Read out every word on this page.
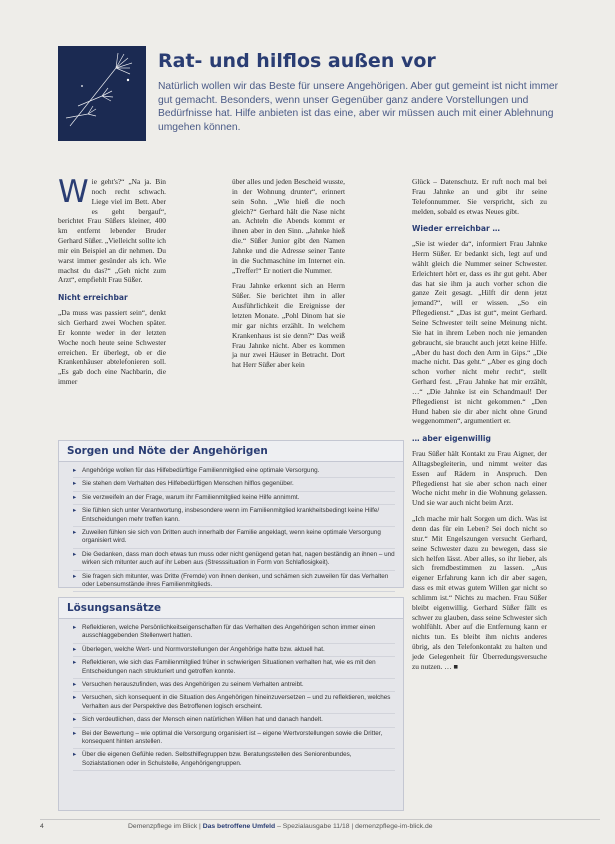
Rat- und hilflos außen vor

Natürlich wollen wir das Beste für unsere Angehörigen. Aber gut gemeint ist nicht immer gut gemacht. Besonders, wenn unser Gegenüber ganz andere Vorstellungen und Bedürfnisse hat. Hilfe anbieten ist das eine, aber wir müssen auch mit einer Ablehnung umgehen können.

Wie geht's?“ „Na ja. Bin noch recht schwach. Liege viel im Bett. Aber es geht bergauf“, berichtet Frau Süßers kleiner, 400 km entfernt lebender Bruder Gerhard Süßer. „Vielleicht sollte ich mir ein Beispiel an dir nehmen. Du warst immer gesünder als ich. Wie machst du das?“ „Geh nicht zum Arzt“, empfiehlt Frau Süßer.

Nicht erreichbar

„Da muss was passiert sein“, denkt sich Gerhard zwei Wochen später. Er konnte weder in der letzten Woche noch heute seine Schwester erreichen. Er überlegt, ob er die Krankenhäuser abtelefonieren soll. „Es gab doch eine Nachbarin, die immer

über alles und jeden Bescheid wusste, in der Wohnung drunter“, erinnert sein Sohn. „Wie hieß die noch gleich?“ Gerhard hält die Nase nicht an. Achteln die Abends kommt er ihnen aber in den Sinn. „Jahnke hieß die.“ Süßer Junior gibt den Namen Jahnke und die Adresse seiner Tante in die Suchmaschine im Internet ein. „Treffer!“ Er notiert die Nummer.

Frau Jahnke erkennt sich an Herrn Süßer. Sie berichtet ihm in aller Ausführlichkeit die Ereignisse der letzten Monate. „Pohl Dinom hat sie mir gar nichts erzählt. In welchem Krankenhaus ist sie denn?“ Das weiß Frau Jahnke nicht. Aber es kommen ja nur zwei Häuser in Betracht. Dort hat Herr Süßer aber kein

Glück – Datenschutz. Er ruft noch mal bei Frau Jahnke an und gibt ihr seine Telefonnummer. Sie verspricht, sich zu melden, sobald es etwas Neues gibt.

Wieder erreichbar …

„Sie ist wieder da“, informiert Frau Jahnke Herrn Süßer. Er bedankt sich, legt auf und wählt gleich die Nummer seiner Schwester. Erleichtert hört er, dass es ihr gut geht. Aber das hat sie ihm ja auch vorher schon die ganze Zeit gesagt. „Hilft dir denn jetzt jemand?“, will er wissen. „So ein Pflegedienst.“ „Das ist gut“, meint Gerhard. Seine Schwester teilt seine Meinung nicht. Sie hat in ihrem Leben noch nie jemanden gebraucht, sie braucht auch jetzt keine Hilfe. „Aber du hast doch den Arm in Gips.“ „Die mache nicht. Das geht.“ „Aber es ging doch schon vorher nicht mehr recht“, stellt Gerhard fest. „Frau Jahnke hat mir erzählt, …“ „Die Jahnke ist ein Schandmaul! Der Pflegedienst ist nicht gekommen.“ „Den Hund haben sie dir aber nicht ohne Grund weggenommen“, argumentiert er.

… aber eigenwillig

Frau Süßer hält Kontakt zu Frau Aigner, der Alltagsbegleiterin, und nimmt weiter das Essen auf Rädern in Anspruch. Den Pflegedienst hat sie aber schon nach einer Woche nicht mehr in die Wohnung gelassen. Und sie war auch nicht beim Arzt.

„Ich mache mir halt Sorgen um dich. Was ist denn das für ein Leben? Sei doch nicht so stur.“ Mit Engelszungen versucht Gerhard, seine Schwester dazu zu bewegen, dass sie sich helfen lässt. Aber alles, so ihr lieber, als sich fremdbestimmen zu lassen. „Aus eigener Erfahrung kann ich dir aber sagen, dass es mit etwas gutem Willen gar nicht so schlimm ist.“ Nichts zu machen. Frau Süßer bleibt eigenwillig. Gerhard Süßer fällt es schwer zu glauben, dass seine Schwester sich wohlfühlt. Aber auf die Entfernung kann er nichts tun. Es bleibt ihm nichts anderes übrig, als den Telefonkontakt zu halten und jede Gelegenheit für Überredungsversuche zu nutzen. … ■

Sorgen und Nöte der Angehörigen
▸ Angehörige wollen für das Hilfebedürftige Familienmitglied eine optimale Versorgung.
▸ Sie stehen dem Verhalten des Hilfebedürftigen Menschen hilflos gegenüber.
▸ Sie verzweifeln an der Frage, warum ihr Familienmitglied keine Hilfe annimmt.
▸ Sie fühlen sich unter Verantwortung, insbesondere wenn im Familienmitglied krankheitsbedingt keine Hilfe/ Entscheidungen mehr treffen kann.
▸ Zuweilen fühlen sie sich von Dritten auch innerhalb der Familie angeklagt, wenn keine optimale Versorgung organisiert wird.
▸ Die Gedanken, dass man doch etwas tun muss oder nicht genügend getan hat, nagen beständig an ihnen – und wirken sich mitunter auch auf ihr Leben aus (Stresssituation in Form von Schlaflosigkeit).
▸ Sie fragen sich mitunter, was Dritte (Fremde) von ihnen denken, und schämen sich zuweilen für das Verhalten oder Lebensumstände ihres Familienmitglieds.
Lösungsansätze
▸ Reflektieren, welche Persönlichkeitseigenschaften für das Verhalten des Angehörigen schon immer einen ausschlaggebenden Stellenwert hatten.
▸ Überlegen, welche Wert- und Normvorstellungen der Angehörige hatte bzw. aktuell hat.
▸ Reflektieren, wie sich das Familienmitglied früher in schwierigen Situationen verhalten hat, wie es mit den Entscheidungen nach strukturiert und getroffen konnte.
▸ Versuchen herauszufinden, was des Angehörigen zu seinem Verhalten antreibt.
▸ Versuchen, sich konsequent in die Situation des Angehörigen hineinzuversetzen – und zu reflektieren, welches Verhalten aus der Perspektive des Betroffenen logisch erscheint.
▸ Sich verdeutlichen, dass der Mensch einen natürlichen Willen hat und danach handelt.
▸ Bei der Bewertung – wie optimal die Versorgung organisiert ist – eigene Wertvorstellungen sowie die Dritter, konsequent hinten anstellen.
▸ Über die eigenen Gefühle reden. Selbsthilfegruppen bzw. Beratungsstellen des Seniorenbundes, Sozialstationen oder in Schulstelle, Angehörigengruppen.
4	Demenzpflege im Blick | Das betroffene Umfeld – Spezialausgabe 11/18 | demenzpflege-im-blick.de
